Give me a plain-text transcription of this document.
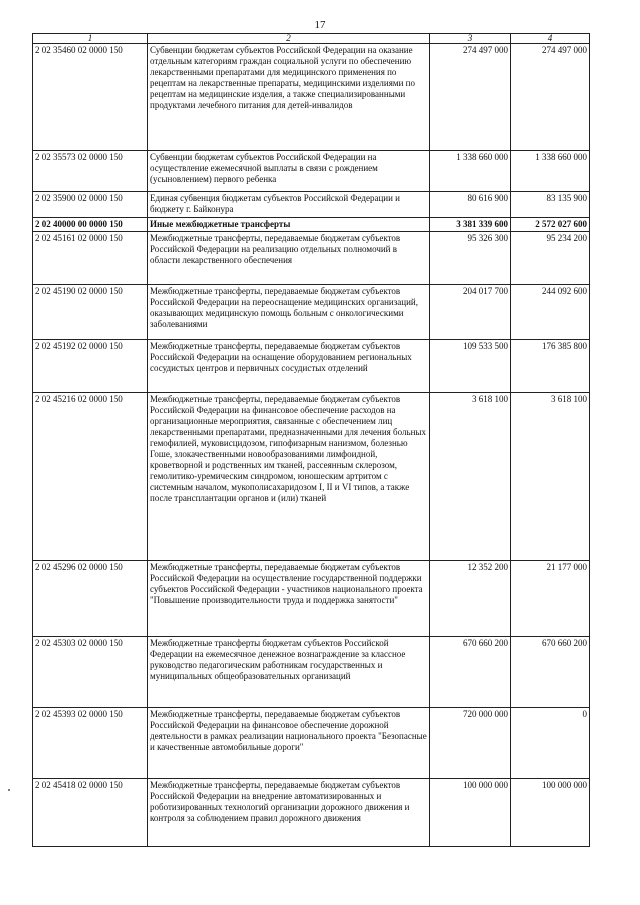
17
1	2	3	4
2 02 35460 02 0000 150	Субвенции бюджетам субъектов Российской Федерации на оказание отдельным категориям граждан социальной услуги по обеспечению лекарственными препаратами для медицинского применения по рецептам на лекарственные препараты, медицинскими изделиями по рецептам на медицинские изделия, а также специализированными продуктами лечебного питания для детей-инвалидов	274 497 000	274 497 000
2 02 35573 02 0000 150	Субвенции бюджетам субъектов Российской Федерации на осуществление ежемесячной выплаты в связи с рождением (усыновлением) первого ребенка	1 338 660 000	1 338 660 000
2 02 35900 02 0000 150	Единая субвенция бюджетам субъектов Российской Федерации и бюджету г. Байконура	80 616 900	83 135 900
2 02 40000 00 0000 150	Иные межбюджетные трансферты	3 381 339 600	2 572 027 600
2 02 45161 02 0000 150	Межбюджетные трансферты, передаваемые бюджетам субъектов Российской Федерации на реализацию отдельных полномочий в области лекарственного обеспечения	95 326 300	95 234 200
2 02 45190 02 0000 150	Межбюджетные трансферты, передаваемые бюджетам субъектов Российской Федерации на переоснащение медицинских организаций, оказывающих медицинскую помощь больным с онкологическими заболеваниями	204 017 700	244 092 600
2 02 45192 02 0000 150	Межбюджетные трансферты, передаваемые бюджетам субъектов Российской Федерации на оснащение оборудованием региональных сосудистых центров и первичных сосудистых отделений	109 533 500	176 385 800
2 02 45216 02 0000 150	Межбюджетные трансферты, передаваемые бюджетам субъектов Российской Федерации на финансовое обеспечение расходов на организационные мероприятия, связанные с обеспечением лиц лекарственными препаратами, предназначенными для лечения больных гемофилией, муковисцидозом, гипофизарным нанизмом, болезнью Гоше, злокачественными новообразованиями лимфоидной, кроветворной и родственных им тканей, рассеянным склерозом, гемолитико-уремическим синдромом, юношеским артритом с системным началом, мукополисахаридозом I, II и VI типов, а также после трансплантации органов и (или) тканей	3 618 100	3 618 100
2 02 45296 02 0000 150	Межбюджетные трансферты, передаваемые бюджетам субъектов Российской Федерации на осуществление государственной поддержки субъектов Российской Федерации - участников национального проекта "Повышение производительности труда и поддержка занятости"	12 352 200	21 177 000
2 02 45303 02 0000 150	Межбюджетные трансферты бюджетам субъектов Российской Федерации на ежемесячное денежное вознаграждение за классное руководство педагогическим работникам государственных и муниципальных общеобразовательных организаций	670 660 200	670 660 200
2 02 45393 02 0000 150	Межбюджетные трансферты, передаваемые бюджетам субъектов Российской Федерации на финансовое обеспечение дорожной деятельности в рамках реализации национального проекта "Безопасные и качественные автомобильные дороги"	720 000 000	0
2 02 45418 02 0000 150	Межбюджетные трансферты, передаваемые бюджетам субъектов Российской Федерации на внедрение автоматизированных и роботизированных технологий организации дорожного движения и контроля за соблюдением правил дорожного движения	100 000 000	100 000 000
